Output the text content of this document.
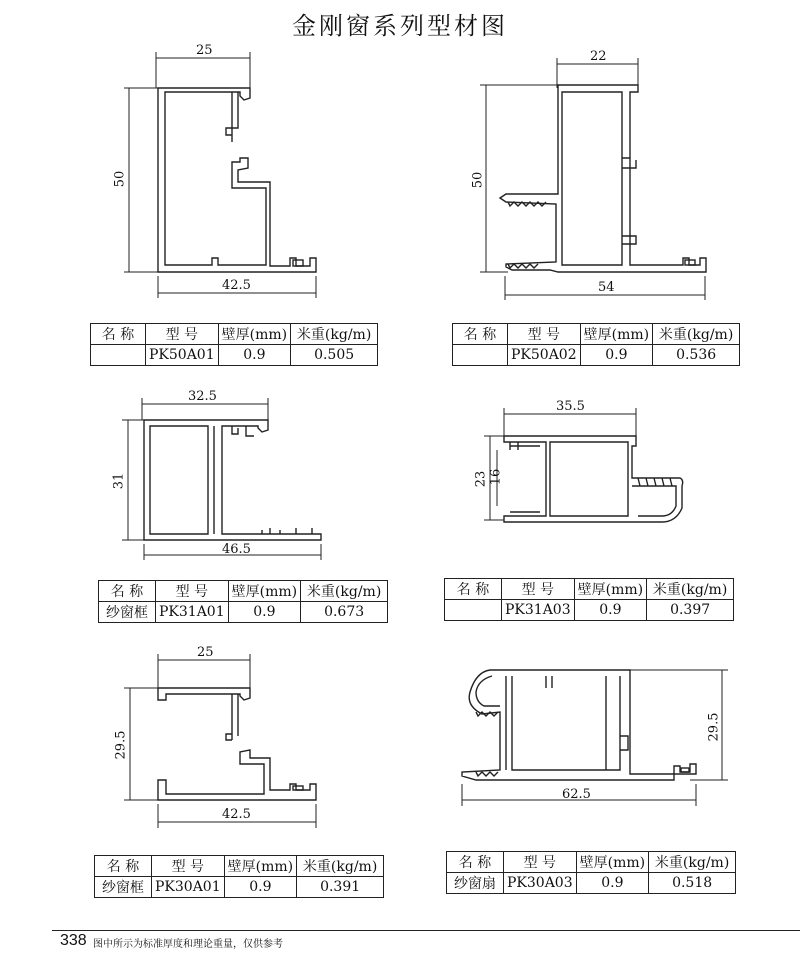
金刚窗系列型材图
25
50
42.5
名 称	型 号	壁厚(mm)	米重(kg/m)
	PK50A01	0.9	0.505
22
50
54
名 称	型 号	壁厚(mm)	米重(kg/m)
	PK50A02	0.9	0.536
32.5
31
46.5
名 称	型 号	壁厚(mm)	米重(kg/m)
纱窗框	PK31A01	0.9	0.673
35.5
23 16
名 称	型 号	壁厚(mm)	米重(kg/m)
	PK31A03	0.9	0.397
25
29.5
42.5
名 称	型 号	壁厚(mm)	米重(kg/m)
纱窗框	PK30A01	0.9	0.391
29.5
62.5
名 称	型 号	壁厚(mm)	米重(kg/m)
纱窗扇	PK30A03	0.9	0.518
338 图中所示为标准厚度和理论重量，仅供参考
